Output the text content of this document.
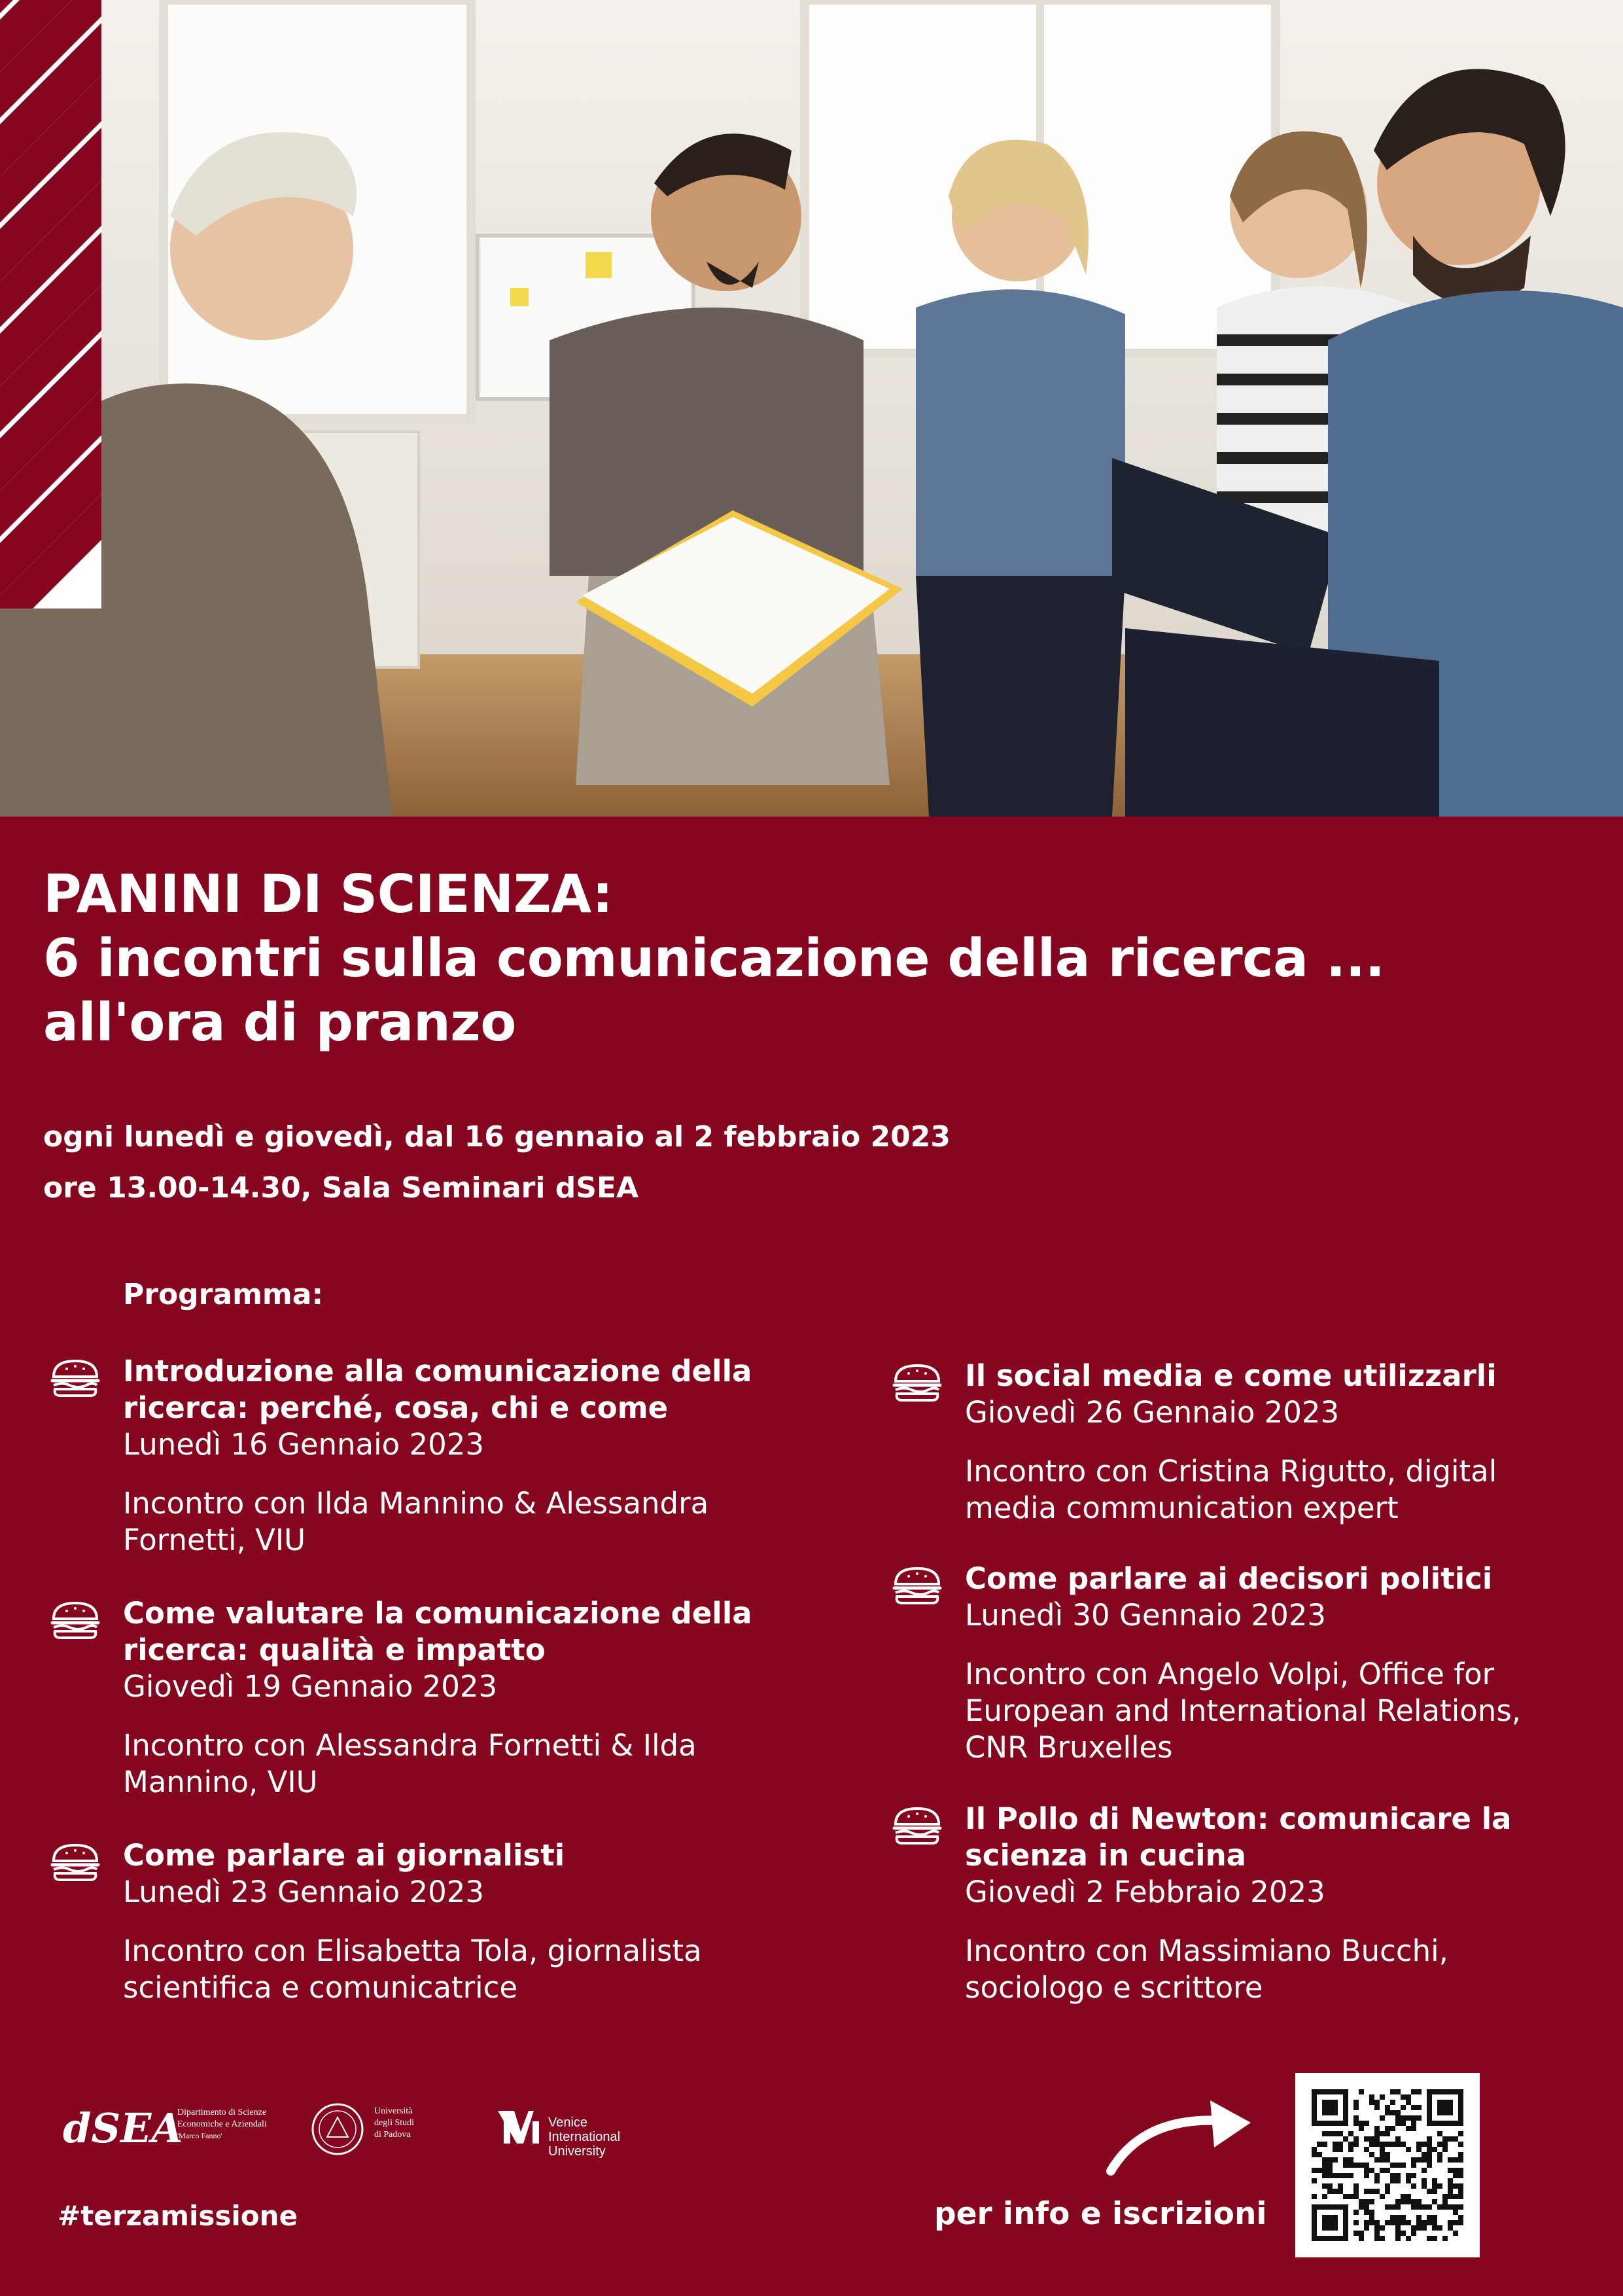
PANINI DI SCIENZA:

6 incontri sulla comunicazione della ricerca ...

all'ora di pranzo

ogni lunedì e giovedì, dal 16 gennaio al 2 febbraio 2023
ore 13.00-14.30, Sala Seminari dSEA
Programma:

Introduzione alla comunicazione della ricerca: perché, cosa, chi e come

Lunedì 16 Gennaio 2023

Incontro con Ilda Mannino & Alessandra Fornetti, VIU

Come valutare la comunicazione della ricerca: qualità e impatto

Giovedì 19 Gennaio 2023

Incontro con Alessandra Fornetti & Ilda Mannino, VIU

Come parlare ai giornalisti

Lunedì 23 Gennaio 2023

Incontro con Elisabetta Tola, giornalista scientifica e comunicatrice

Il social media e come utilizzarli

Giovedì 26 Gennaio 2023

Incontro con Cristina Rigutto, digital media communication expert

Come parlare ai decisori politici

Lunedì 30 Gennaio 2023

Incontro con Angelo Volpi, Office for European and International Relations, CNR Bruxelles

Il Pollo di Newton: comunicare la scienza in cucina

Giovedì 2 Febbraio 2023

Incontro con Massimiano Bucchi, sociologo e scrittore

dSEA
Dipartimento di Scienze
Economiche e Aziendali
'Marco Fanno'
Università
degli Studi
di Padova
Venice
International
University
#terzamissione	per info e iscrizioni
